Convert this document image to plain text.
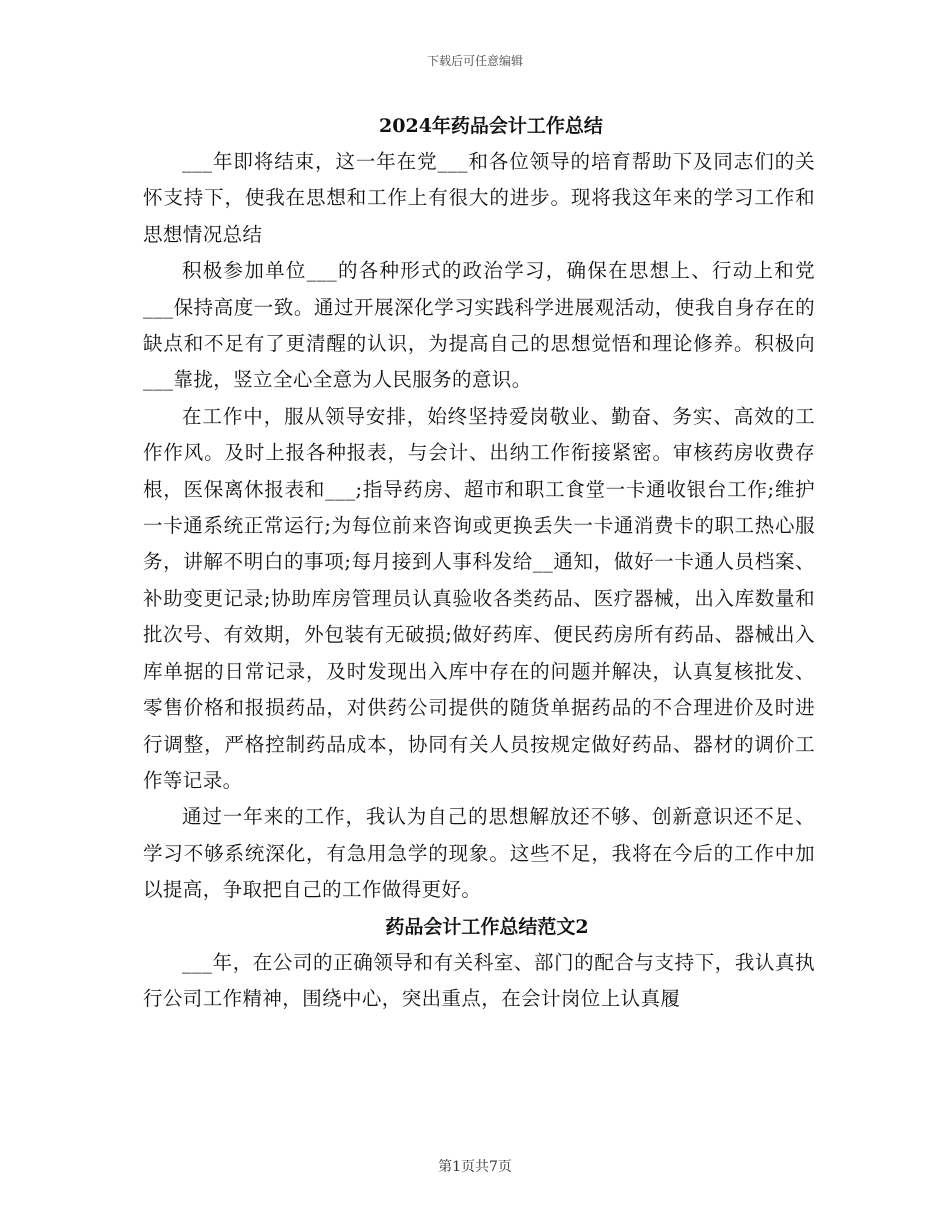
下载后可任意编辑
2024年药品会计工作总结

___年即将结束，这一年在党___和各位领导的培育帮助下及同志们的关怀支持下，使我在思想和工作上有很大的进步。现将我这年来的学习工作和思想情况总结

积极参加单位___的各种形式的政治学习，确保在思想上、行动上和党___保持高度一致。通过开展深化学习实践科学进展观活动，使我自身存在的缺点和不足有了更清醒的认识，为提高自己的思想觉悟和理论修养。积极向___靠拢，竖立全心全意为人民服务的意识。

在工作中，服从领导安排，始终坚持爱岗敬业、勤奋、务实、高效的工作作风。及时上报各种报表，与会计、出纳工作衔接紧密。审核药房收费存根，医保离休报表和___;指导药房、超市和职工食堂一卡通收银台工作;维护一卡通系统正常运行;为每位前来咨询或更换丢失一卡通消费卡的职工热心服务，讲解不明白的事项;每月接到人事科发给__通知，做好一卡通人员档案、补助变更记录;协助库房管理员认真验收各类药品、医疗器械，出入库数量和批次号、有效期，外包装有无破损;做好药库、便民药房所有药品、器械出入库单据的日常记录，及时发现出入库中存在的问题并解决，认真复核批发、零售价格和报损药品，对供药公司提供的随货单据药品的不合理进价及时进行调整，严格控制药品成本，协同有关人员按规定做好药品、器材的调价工作等记录。

通过一年来的工作，我认为自己的思想解放还不够、创新意识还不足、学习不够系统深化，有急用急学的现象。这些不足，我将在今后的工作中加以提高，争取把自己的工作做得更好。

药品会计工作总结范文2

___年，在公司的正确领导和有关科室、部门的配合与支持下，我认真执行公司工作精神，围绕中心，突出重点，在会计岗位上认真履

第1页共7页
